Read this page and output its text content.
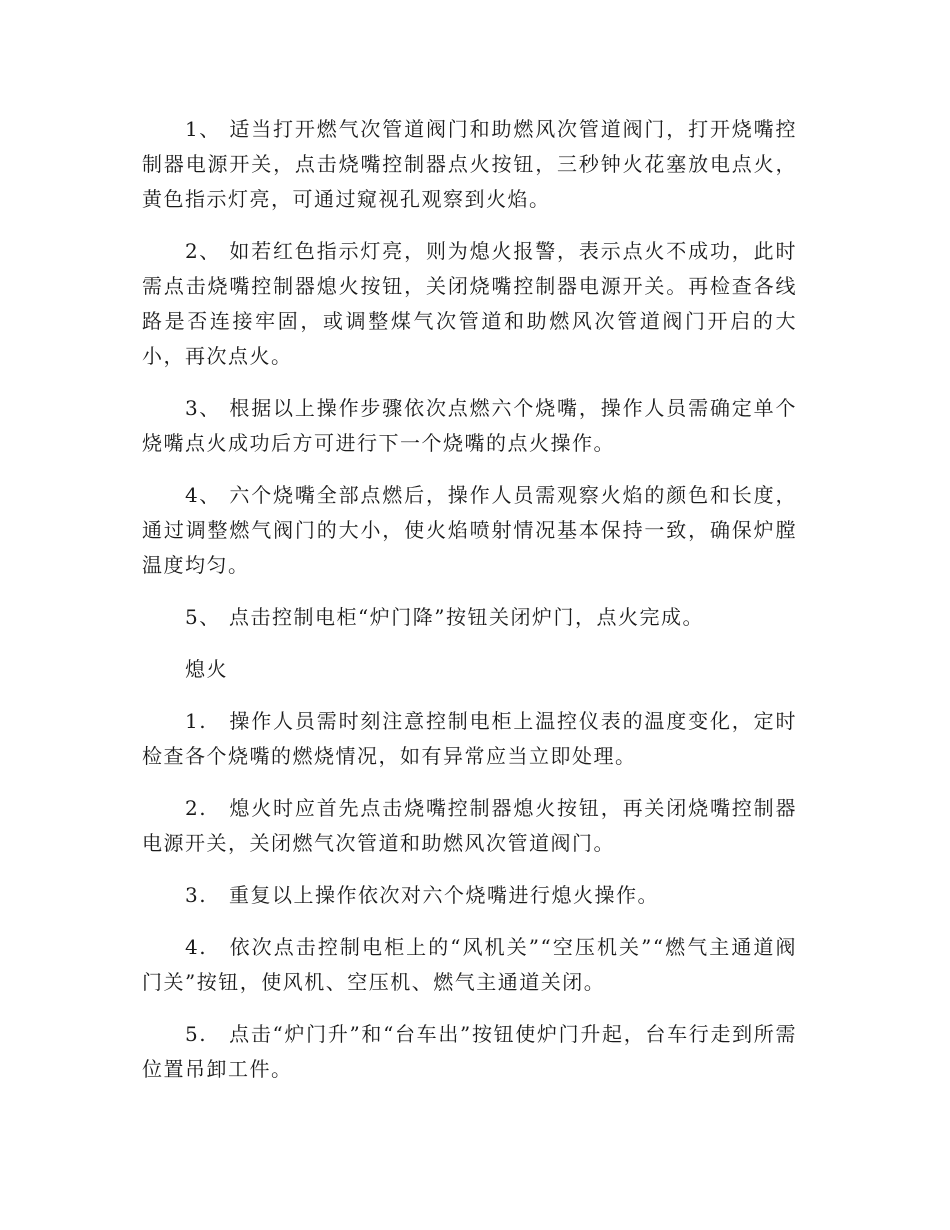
1、 适当打开燃气次管道阀门和助燃风次管道阀门，打开烧嘴控制器电源开关，点击烧嘴控制器点火按钮，三秒钟火花塞放电点火，黄色指示灯亮，可通过窥视孔观察到火焰。

2、 如若红色指示灯亮，则为熄火报警，表示点火不成功，此时需点击烧嘴控制器熄火按钮，关闭烧嘴控制器电源开关。再检查各线路是否连接牢固，或调整煤气次管道和助燃风次管道阀门开启的大小，再次点火。

3、 根据以上操作步骤依次点燃六个烧嘴，操作人员需确定单个烧嘴点火成功后方可进行下一个烧嘴的点火操作。

4、 六个烧嘴全部点燃后，操作人员需观察火焰的颜色和长度，通过调整燃气阀门的大小，使火焰喷射情况基本保持一致，确保炉膛温度均匀。

5、 点击控制电柜“炉门降”按钮关闭炉门，点火完成。

熄火

1. 操作人员需时刻注意控制电柜上温控仪表的温度变化，定时检查各个烧嘴的燃烧情况，如有异常应当立即处理。

2. 熄火时应首先点击烧嘴控制器熄火按钮，再关闭烧嘴控制器电源开关，关闭燃气次管道和助燃风次管道阀门。

3. 重复以上操作依次对六个烧嘴进行熄火操作。

4. 依次点击控制电柜上的“风机关”“空压机关”“燃气主通道阀门关”按钮，使风机、空压机、燃气主通道关闭。

5. 点击“炉门升”和“台车出”按钮使炉门升起，台车行走到所需位置吊卸工件。
